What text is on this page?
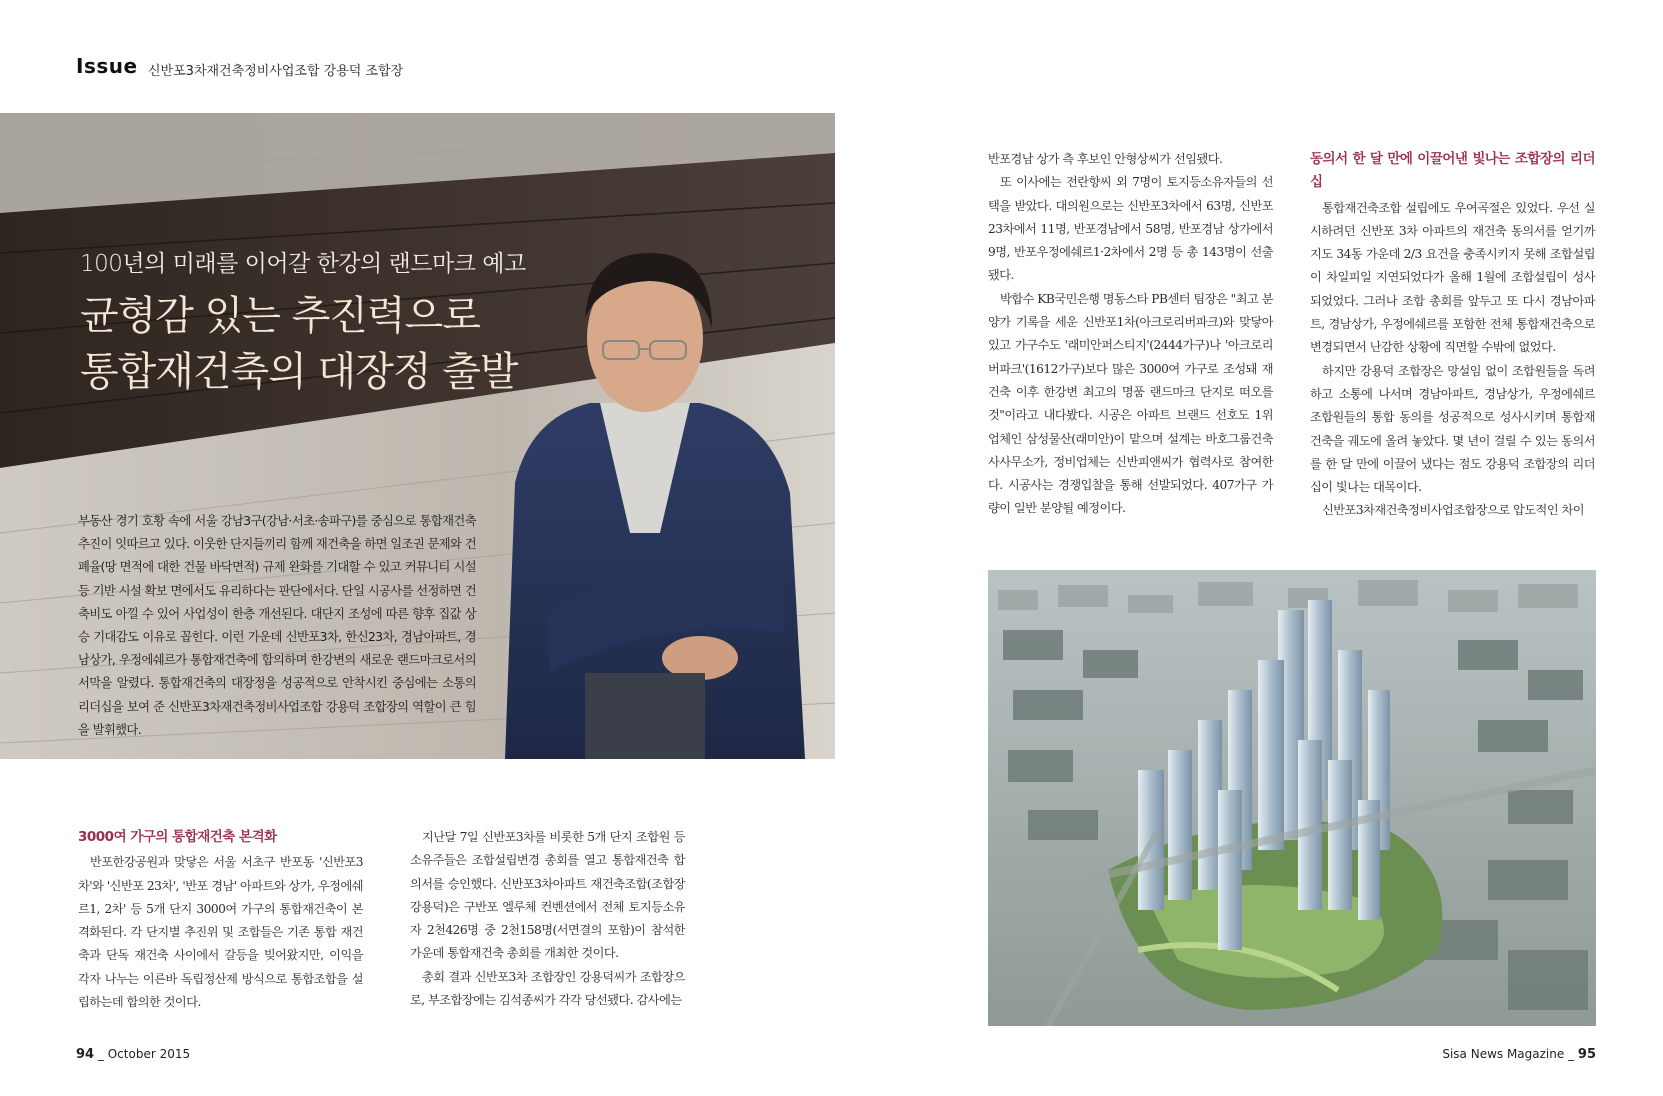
Issue 신반포3차재건축정비사업조합 강용덕 조합장
100년의 미래를 이어갈 한강의 랜드마크 예고
균형감 있는 추진력으로
통합재건축의 대장정 출발
부동산 경기 호황 속에 서울 강남3구(강남·서초·송파구)를 중심으로 통합재건축 추진이 잇따르고 있다. 이웃한 단지들끼리 함께 재건축을 하면 일조권 문제와 건폐율(땅 면적에 대한 건물 바닥면적) 규제 완화를 기대할 수 있고 커뮤니티 시설 등 기반 시설 확보 면에서도 유리하다는 판단에서다. 단일 시공사를 선정하면 건축비도 아낄 수 있어 사업성이 한층 개선된다. 대단지 조성에 따른 향후 집값 상승 기대감도 이유로 꼽힌다. 이런 가운데 신반포3차, 한신23차, 경남아파트, 경남상가, 우정에쉐르가 통합재건축에 합의하며 한강변의 새로운 랜드마크로서의 서막을 알렸다. 통합재건축의 대장정을 성공적으로 안착시킨 중심에는 소통의 리더십을 보여 준 신반포3차재건축정비사업조합 강용덕 조합장의 역할이 큰 힘을 발휘했다.
3000여 가구의 통합재건축 본격화

반포한강공원과 맞닿은 서울 서초구 반포동 '신반포3차'와 '신반포 23차', '반포 경남' 아파트와 상가, 우정에쉐르1, 2차' 등 5개 단지 3000여 가구의 통합재건축이 본격화된다. 각 단지별 추진위 및 조합들은 기존 통합 재건축과 단독 재건축 사이에서 갈등을 빚어왔지만, 이익을 각자 나누는 이른바 독립정산제 방식으로 통합조합을 설립하는데 합의한 것이다.

지난달 7일 신반포3차를 비롯한 5개 단지 조합원 등 소유주들은 조합설립변경 총회를 열고 통합재건축 합의서를 승인했다. 신반포3차아파트 재건축조합(조합장 강용덕)은 구반포 엘루체 컨벤션에서 전체 토지등소유자 2천426명 중 2천158명(서면결의 포함)이 참석한 가운데 통합재건축 총회를 개최한 것이다.

총회 결과 신반포3차 조합장인 강용덕씨가 조합장으로, 부조합장에는 김석종씨가 각각 당선됐다. 감사에는

반포경남 상가 측 후보인 안형상씨가 선임됐다.

또 이사에는 전란향씨 외 7명이 토지등소유자들의 선택을 받았다. 대의원으로는 신반포3차에서 63명, 신반포23차에서 11명, 반포경남에서 58명, 반포경남 상가에서 9명, 반포우정에쉐르1·2차에서 2명 등 총 143명이 선출됐다.

박합수 KB국민은행 명동스타 PB센터 팀장은 "최고 분양가 기록을 세운 신반포1차(아크로리버파크)와 맞닿아있고 가구수도 '래미안퍼스티지'(2444가구)나 '아크로리버파크'(1612가구)보다 많은 3000여 가구로 조성돼 재건축 이후 한강변 최고의 명품 랜드마크 단지로 떠오를 것"이라고 내다봤다. 시공은 아파트 브랜드 선호도 1위 업체인 삼성물산(래미안)이 맡으며 설계는 바호그룹건축사사무소가, 정비업체는 신반피앤씨가 협력사로 참여한다. 시공사는 경쟁입찰을 통해 선발되었다. 407가구 가량이 일반 분양될 예정이다.

동의서 한 달 만에 이끌어낸 빛나는 조합장의 리더십

통합재건축조합 설립에도 우여곡절은 있었다. 우선 실시하려던 신반포 3차 아파트의 재건축 동의서를 얻기까지도 34동 가운데 2/3 요건을 충족시키지 못해 조합설립이 차일피일 지연되었다가 올해 1월에 조합설립이 성사되었었다. 그러나 조합 총회를 앞두고 또 다시 경남아파트, 경남상가, 우정에쉐르를 포함한 전체 통합재건축으로 변경되면서 난감한 상황에 직면할 수밖에 없었다.

하지만 강용덕 조합장은 망설임 없이 조합원들을 독려하고 소통에 나서며 경남아파트, 경남상가, 우정에쉐르 조합원들의 통합 동의를 성공적으로 성사시키며 통합재건축을 궤도에 올려 놓았다. 몇 년이 걸릴 수 있는 동의서를 한 달 만에 이끌어 냈다는 점도 강용덕 조합장의 리더십이 빛나는 대목이다.

신반포3차재건축정비사업조합장으로 압도적인 차이

94 _ October 2015	Sisa News Magazine _ 95
